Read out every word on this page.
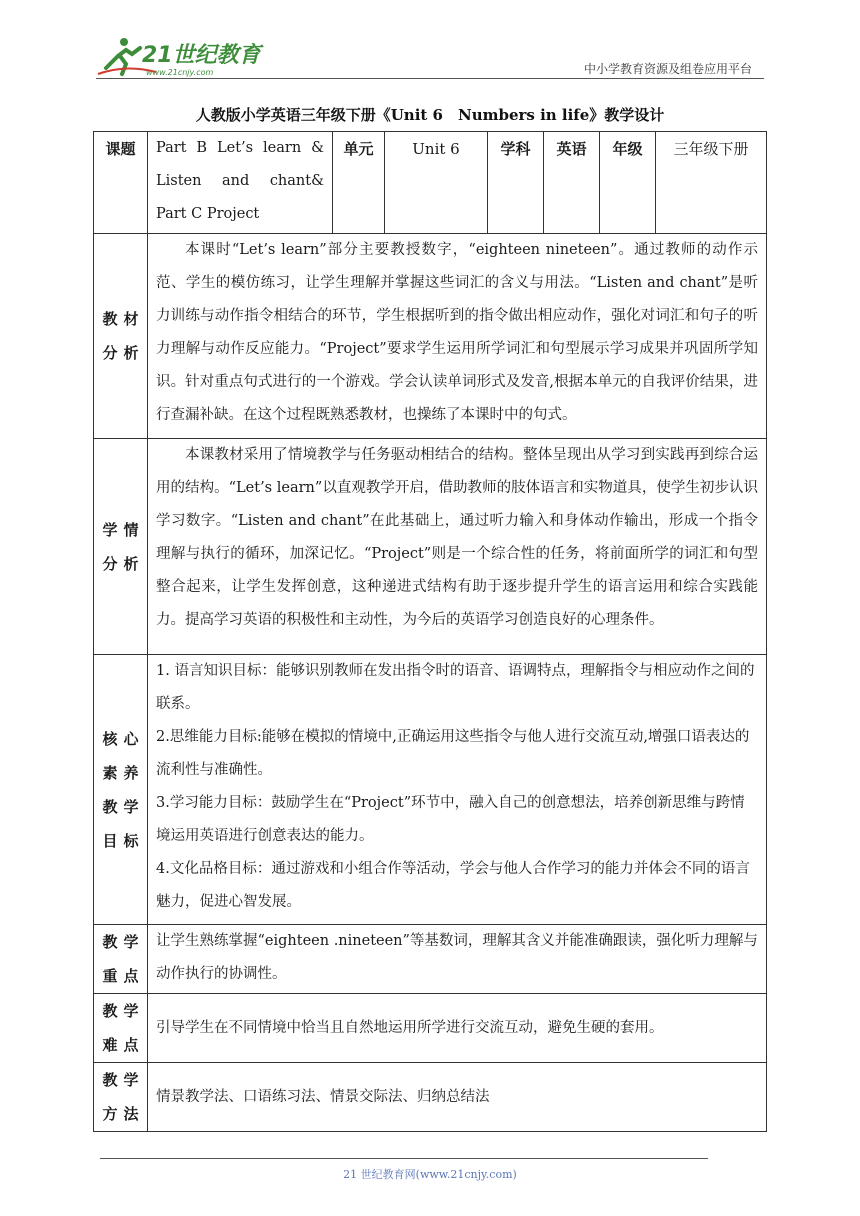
21世纪教育
www.21cnjy.com	中小学教育资源及组卷应用平台
人教版小学英语三年级下册《Unit 6　Numbers in life》教学设计
课题	Part B Let’s learn & Listen and chant& Part C Project	单元	Unit 6	学科	英语	年级	三年级下册
教材分析	本课时“Let’s learn”部分主要教授数字，“eighteen nineteen”。通过教师的动作示范、学生的模仿练习，让学生理解并掌握这些词汇的含义与用法。“Listen and chant”是听力训练与动作指令相结合的环节，学生根据听到的指令做出相应动作，强化对词汇和句子的听力理解与动作反应能力。“Project”要求学生运用所学词汇和句型展示学习成果并巩固所学知识。针对重点句式进行的一个游戏。学会认读单词形式及发音,根据本单元的自我评价结果，进行查漏补缺。在这个过程既熟悉教材，也操练了本课时中的句式。						

学情分析	本课教材采用了情境教学与任务驱动相结合的结构。整体呈现出从学习到实践再到综合运用的结构。“Let’s learn”以直观教学开启，借助教师的肢体语言和实物道具，使学生初步认识学习数字。“Listen and chant”在此基础上，通过听力输入和身体动作输出，形成一个指令理解与执行的循环，加深记忆。“Project”则是一个综合性的任务，将前面所学的词汇和句型整合起来，让学生发挥创意，这种递进式结构有助于逐步提升学生的语言运用和综合实践能力。提高学习英语的积极性和主动性，为今后的英语学习创造良好的心理条件。						

核心素养教学目标	1. 语言知识目标：能够识别教师在发出指令时的语音、语调特点，理解指令与相应动作之间的联系。
2.思维能力目标:能够在模拟的情境中,正确运用这些指令与他人进行交流互动,增强口语表达的流利性与准确性。
3.学习能力目标：鼓励学生在“Project”环节中，融入自己的创意想法，培养创新思维与跨情境运用英语进行创意表达的能力。
4.文化品格目标：通过游戏和小组合作等活动，学会与他人合作学习的能力并体会不同的语言魅力，促进心智发展。						

教学重点	让学生熟练掌握“eighteen .nineteen”等基数词，理解其含义并能准确跟读，强化听力理解与动作执行的协调性。						
教学难点	引导学生在不同情境中恰当且自然地运用所学进行交流互动，避免生硬的套用。						
教学方法	情景教学法、口语练习法、情景交际法、归纳总结法						
21 世纪教育网(www.21cnjy.com)
